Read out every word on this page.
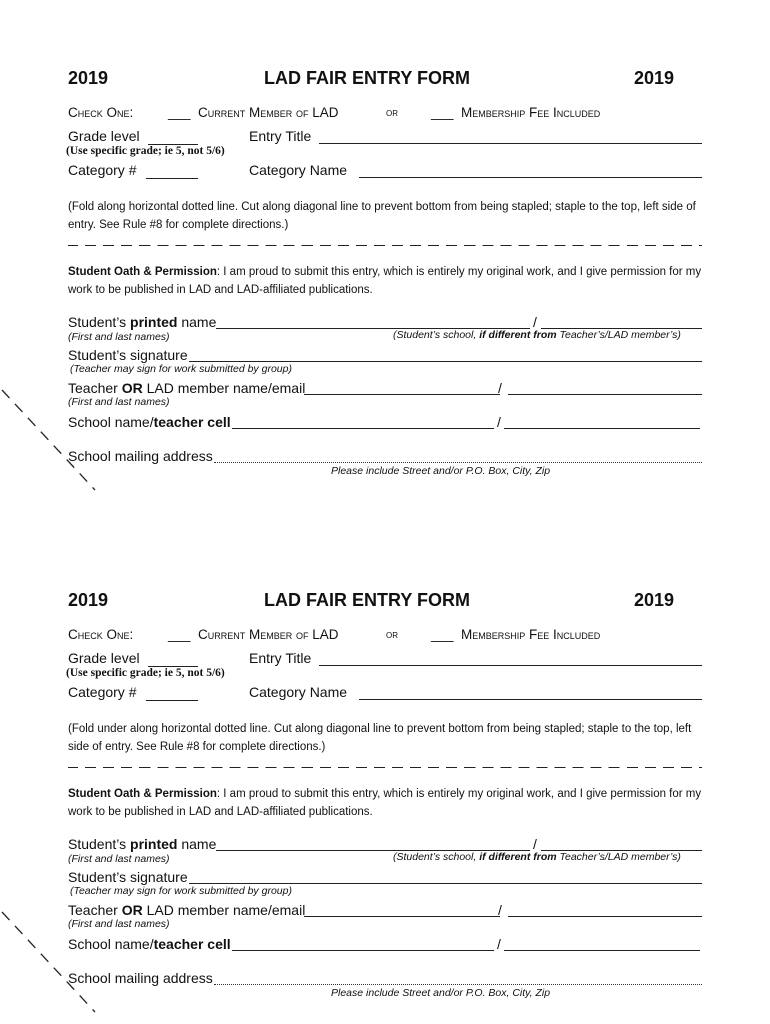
2019	LAD FAIR ENTRY FORM	2019
Check One:	___ Current Member of LAD	or ___ Membership Fee Included
Grade level
(Use specific grade; ie 5, not 5/6)
Entry Title
Category #	Category Name
(Fold along horizontal dotted line. Cut along diagonal line to prevent bottom from being stapled; staple to the top, left side of entry. See Rule #8 for complete directions.)
Student Oath & Permission: I am proud to submit this entry, which is entirely my original work, and I give permission for my work to be published in LAD and LAD-affiliated publications.
Student’s printed name	/
(First and last names)	(Student’s school, if different from Teacher’s/LAD member’s)
Student’s signature
(Teacher may sign for work submitted by group)
Teacher OR LAD member name/email	/
(First and last names)
School name/teacher cell	/
School mailing address
Please include Street and/or P.O. Box, City, Zip
2019	LAD FAIR ENTRY FORM	2019
Check One:	___ Current Member of LAD	or ___ Membership Fee Included
Grade level
(Use specific grade; ie 5, not 5/6)
Entry Title
Category #	Category Name
(Fold under along horizontal dotted line. Cut along diagonal line to prevent bottom from being stapled; staple to the top, left side of entry. See Rule #8 for complete directions.)
Student Oath & Permission: I am proud to submit this entry, which is entirely my original work, and I give permission for my work to be published in LAD and LAD-affiliated publications.
Student’s printed name	/
(First and last names)	(Student’s school, if different from Teacher’s/LAD member’s)
Student’s signature
(Teacher may sign for work submitted by group)
Teacher OR LAD member name/email	/
(First and last names)
School name/teacher cell	/
School mailing address
Please include Street and/or P.O. Box, City, Zip
